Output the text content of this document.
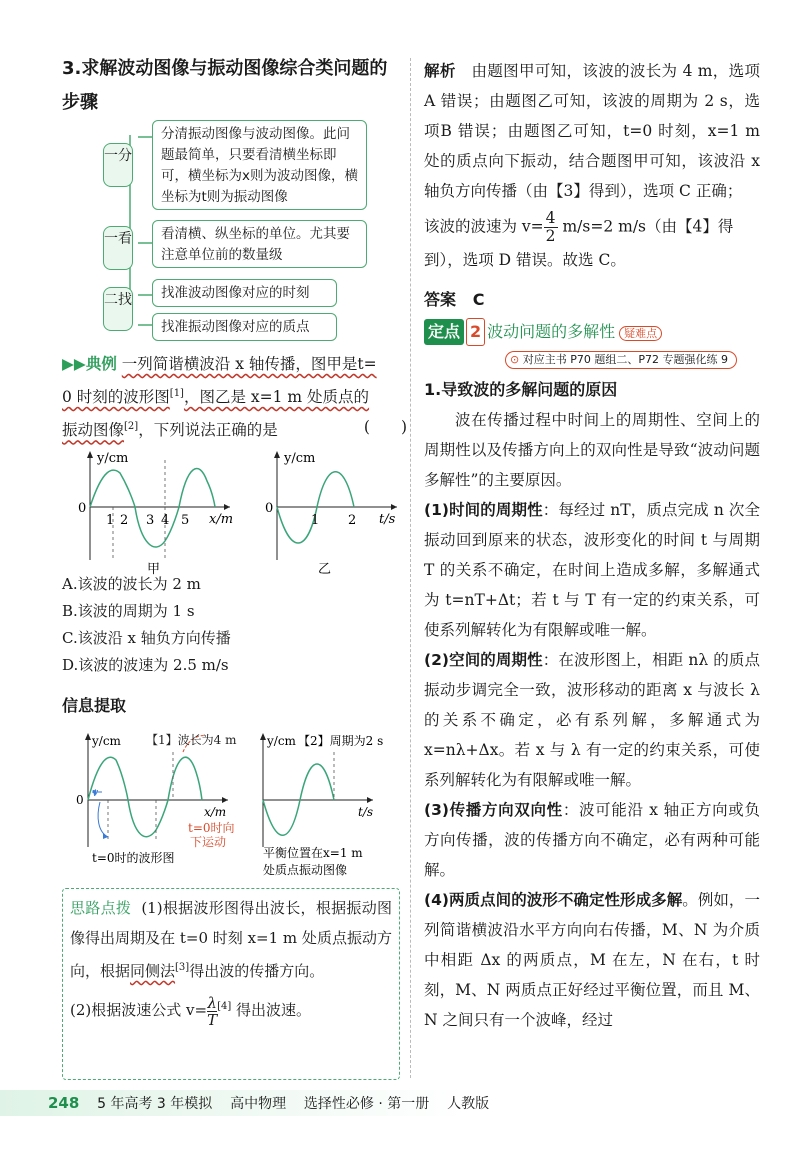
3.求解波动图像与振动图像综合类问题的
步骤
一分
分清振动图像与波动图像。此问题最简单，只要看清横坐标即可，横坐标为x则为波动图像，横坐标为t则为振动图像
一看	看清横、纵坐标的单位。尤其要注意单位前的数量级
二找	找准波动图像对应的时刻
找准振动图像对应的质点
▶▶典例 一列简谐横波沿 x 轴传播，图甲是t=
0 时刻的波形图[1]，图乙是 x=1 m 处质点的
振动图像[2]，下列说法正确的是	(　　)
y/cm
0
x/m
1 2 3 4 5
甲
y/cm
0
t/s
1 2
乙
A.该波的波长为 2 m
B.该波的周期为 1 s
C.该波沿 x 轴负方向传播
D.该波的波速为 2.5 m/s
信息提取
y/cm
0
v
x/m
【1】波长为4 m
t=0时向
下运动
t=0时的波形图
y/cm 【2】周期为2 s
t/s
平衡位置在x=1 m
处质点振动图像
思路点拨 (1)根据波形图得出波长，根据振动图像得出周期及在 t=0 时刻 x=1 m 处质点振动方向，根据同侧法[3]得出波的传播方向。
(2)根据波速公式 $v= \frac{\lambda}{T} [4]$ 得出波速。
解析 由题图甲可知，该波的波长为 4 m，选项 A 错误；由题图乙可知，该波的周期为 2 s，选项B 错误；由题图乙可知，t=0 时刻，x=1 m 处的质点向下振动，结合题图甲可知，该波沿 x 轴负方向传播（由【3】得到），选项 C 正确；
该波的波速为 $v= \frac{4}{2} m/s=2$ m/s（由【4】得
到），选项 D 错误。故选 C。
答案 C
定点 2 波动问题的多解性 疑难点
⊙ 对应主书 P70 题组二、P72 专题强化练 9
1.导致波的多解问题的原因
波在传播过程中时间上的周期性、空间上的周期性以及传播方向上的双向性是导致“波动问题多解性”的主要原因。
(1)时间的周期性：每经过 nT，质点完成 n 次全振动回到原来的状态，波形变化的时间 t 与周期 T 的关系不确定，在时间上造成多解，多解通式为 t=nT+Δt；若 t 与 T 有一定的约束关系，可使系列解转化为有限解或唯一解。
(2)空间的周期性：在波形图上，相距 nλ 的质点振动步调完全一致，波形移动的距离 x 与波长 λ 的关系不确定，必有系列解，多解通式为 x=nλ+Δx。若 x 与 λ 有一定的约束关系，可使系列解转化为有限解或唯一解。
(3)传播方向双向性：波可能沿 x 轴正方向或负方向传播，波的传播方向不确定，必有两种可能解。
(4)两质点间的波形不确定性形成多解。例如，一列简谐横波沿水平方向向右传播，M、N 为介质中相距 Δx 的两质点，M 在左，N 在右，t 时刻，M、N 两质点正好经过平衡位置，而且 M、N 之间只有一个波峰，经过
248 5 年高考 3 年模拟 高中物理 选择性必修 · 第一册 人教版
